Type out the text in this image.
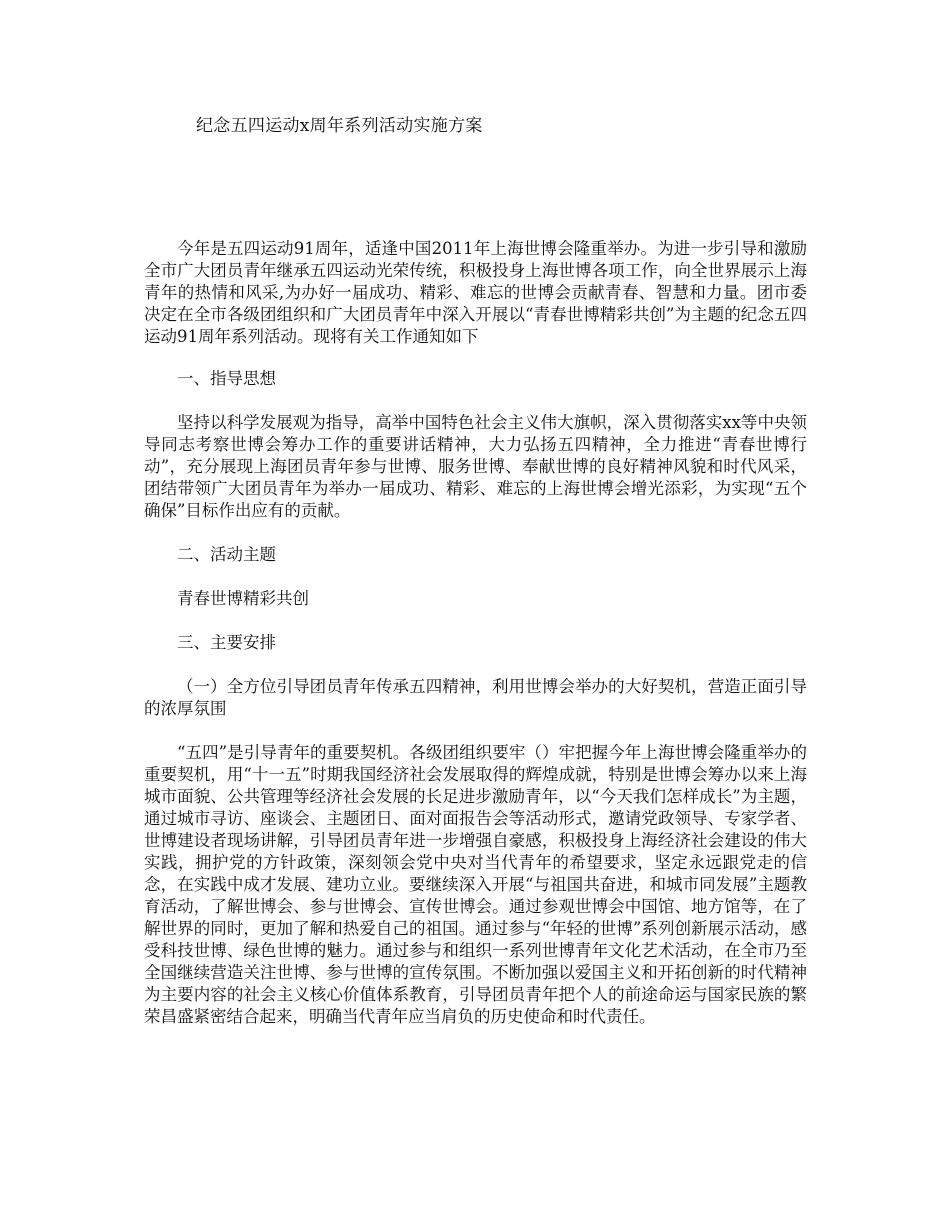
纪念五四运动x周年系列活动实施方案

今年是五四运动91周年，适逢中国2011年上海世博会隆重举办。为进一步引导和激励全市广大团员青年继承五四运动光荣传统，积极投身上海世博各项工作，向全世界展示上海青年的热情和风采,为办好一届成功、精彩、难忘的世博会贡献青春、智慧和力量。团市委决定在全市各级团组织和广大团员青年中深入开展以“青春世博精彩共创”为主题的纪念五四运动91周年系列活动。现将有关工作通知如下

一、指导思想

坚持以科学发展观为指导，高举中国特色社会主义伟大旗帜，深入贯彻落实xx等中央领导同志考察世博会筹办工作的重要讲话精神，大力弘扬五四精神，全力推进“青春世博行动”，充分展现上海团员青年参与世博、服务世博、奉献世博的良好精神风貌和时代风采，团结带领广大团员青年为举办一届成功、精彩、难忘的上海世博会增光添彩，为实现“五个确保”目标作出应有的贡献。

二、活动主题

青春世博精彩共创

三、主要安排

（一）全方位引导团员青年传承五四精神，利用世博会举办的大好契机，营造正面引导的浓厚氛围

“五四”是引导青年的重要契机。各级团组织要牢（）牢把握今年上海世博会隆重举办的重要契机，用“十一五”时期我国经济社会发展取得的辉煌成就，特别是世博会筹办以来上海城市面貌、公共管理等经济社会发展的长足进步激励青年，以“今天我们怎样成长”为主题，通过城市寻访、座谈会、主题团日、面对面报告会等活动形式，邀请党政领导、专家学者、世博建设者现场讲解，引导团员青年进一步增强自豪感，积极投身上海经济社会建设的伟大实践，拥护党的方针政策，深刻领会党中央对当代青年的希望要求，坚定永远跟党走的信念，在实践中成才发展、建功立业。要继续深入开展“与祖国共奋进，和城市同发展”主题教育活动，了解世博会、参与世博会、宣传世博会。通过参观世博会中国馆、地方馆等，在了解世界的同时，更加了解和热爱自己的祖国。通过参与“年轻的世博”系列创新展示活动，感受科技世博、绿色世博的魅力。通过参与和组织一系列世博青年文化艺术活动，在全市乃至全国继续营造关注世博、参与世博的宣传氛围。不断加强以爱国主义和开拓创新的时代精神为主要内容的社会主义核心价值体系教育，引导团员青年把个人的前途命运与国家民族的繁荣昌盛紧密结合起来，明确当代青年应当肩负的历史使命和时代责任。
